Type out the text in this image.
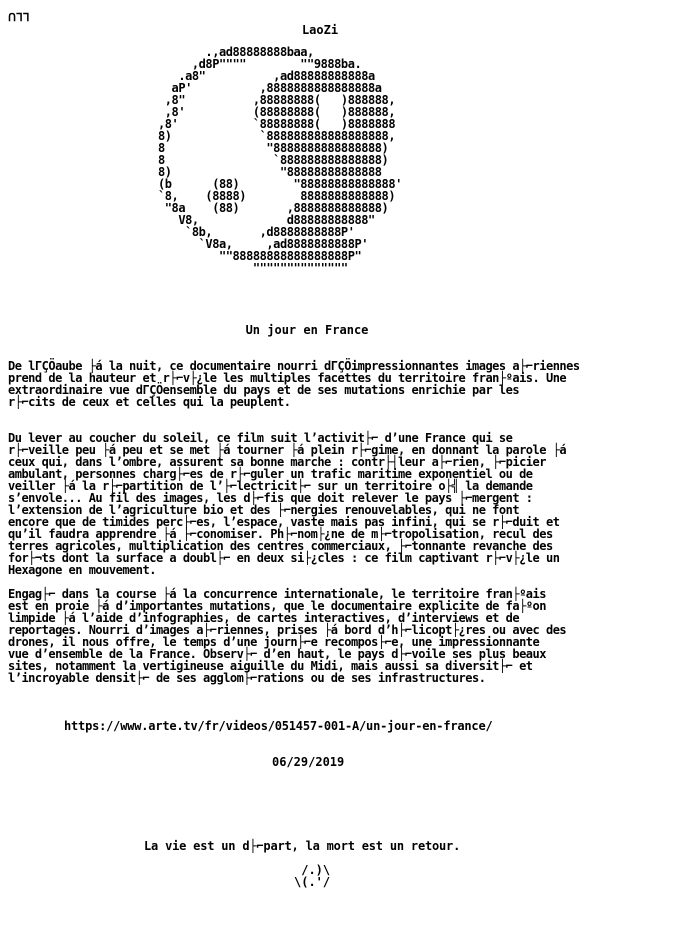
ᑎᒣᒣ
LaoZi
.,ad88888888baa,
,d8P""""        ""9888ba.
.a8"          ,ad88888888888a
aP'          ,8888888888888888a
,8"          ,88888888(   )888888,
,8'          (88888888(   )888888,
,8'           `88888888(   )8888888
8)             `888888888888888888,
8               "8888888888888888)
8                `888888888888888)
8)                "88888888888888
(b      (88)        "88888888888888'
`8,    (8888)        8888888888888)
"8a    (88)       ,8888888888888)
V8,             d88888888888"
`8b,       ,d8888888888P'
`V8a,     ,ad8888888888P'
""88888888888888888P"
""""""""""""""
Un jour en France
De lΓÇÖaube ├á la nuit, ce documentaire nourri dΓÇÖimpressionnantes images a├⌐riennes
prend de la hauteur et r├⌐v├¿le les multiples facettes du territoire fran├ºais. Une
extraordinaire vue dΓÇÖensemble du pays et de ses mutations enrichie par les
r├⌐cits de ceux et celles qui la peuplent.
Du lever au coucher du soleil, ce film suit l’activit├⌐ d’une France qui se
r├⌐veille peu ├á peu et se met ├á tourner ├á plein r├⌐gime, en donnant la parole ├á
ceux qui, dans l’ombre, assurent sa bonne marche : contr├┤leur a├⌐rien, ├⌐picier
ambulant, personnes charg├⌐es de r├⌐guler un trafic maritime exponentiel ou de
veiller ├á la r├⌐partition de l’├⌐lectricit├⌐ sur un territoire o├╣ la demande
s’envole... Au fil des images, les d├⌐fis que doit relever le pays ├⌐mergent :
l’extension de l’agriculture bio et des ├⌐nergies renouvelables, qui ne font
encore que de timides perc├⌐es, l’espace, vaste mais pas infini, qui se r├⌐duit et
qu’il faudra apprendre ├á ├⌐conomiser. Ph├⌐nom├¿ne de m├⌐tropolisation, recul des
terres agricoles, multiplication des centres commerciaux, ├⌐tonnante revanche des
for├¬ts dont la surface a doubl├⌐ en deux si├¿cles : ce film captivant r├⌐v├¿le un
Hexagone en mouvement.
Engag├⌐ dans la course ├á la concurrence internationale, le territoire fran├ºais
est en proie ├á d’importantes mutations, que le documentaire explicite de fa├ºon
limpide ├á l’aide d’infographies, de cartes interactives, d’interviews et de
reportages. Nourri d’images a├⌐riennes, prises ├á bord d’h├⌐licopt├¿res ou avec des
drones, il nous offre, le temps d’une journ├⌐e recompos├⌐e, une impressionnante
vue d’ensemble de la France. Observ├⌐ d’en haut, le pays d├⌐voile ses plus beaux
sites, notamment la vertigineuse aiguille du Midi, mais aussi sa diversit├⌐ et
l’incroyable densit├⌐ de ses agglom├⌐rations ou de ses infrastructures.
https://www.arte.tv/fr/videos/051457-001-A/un-jour-en-france/
06/29/2019
La vie est un d├⌐part, la mort est un retour.
/.)\
\(.'/
